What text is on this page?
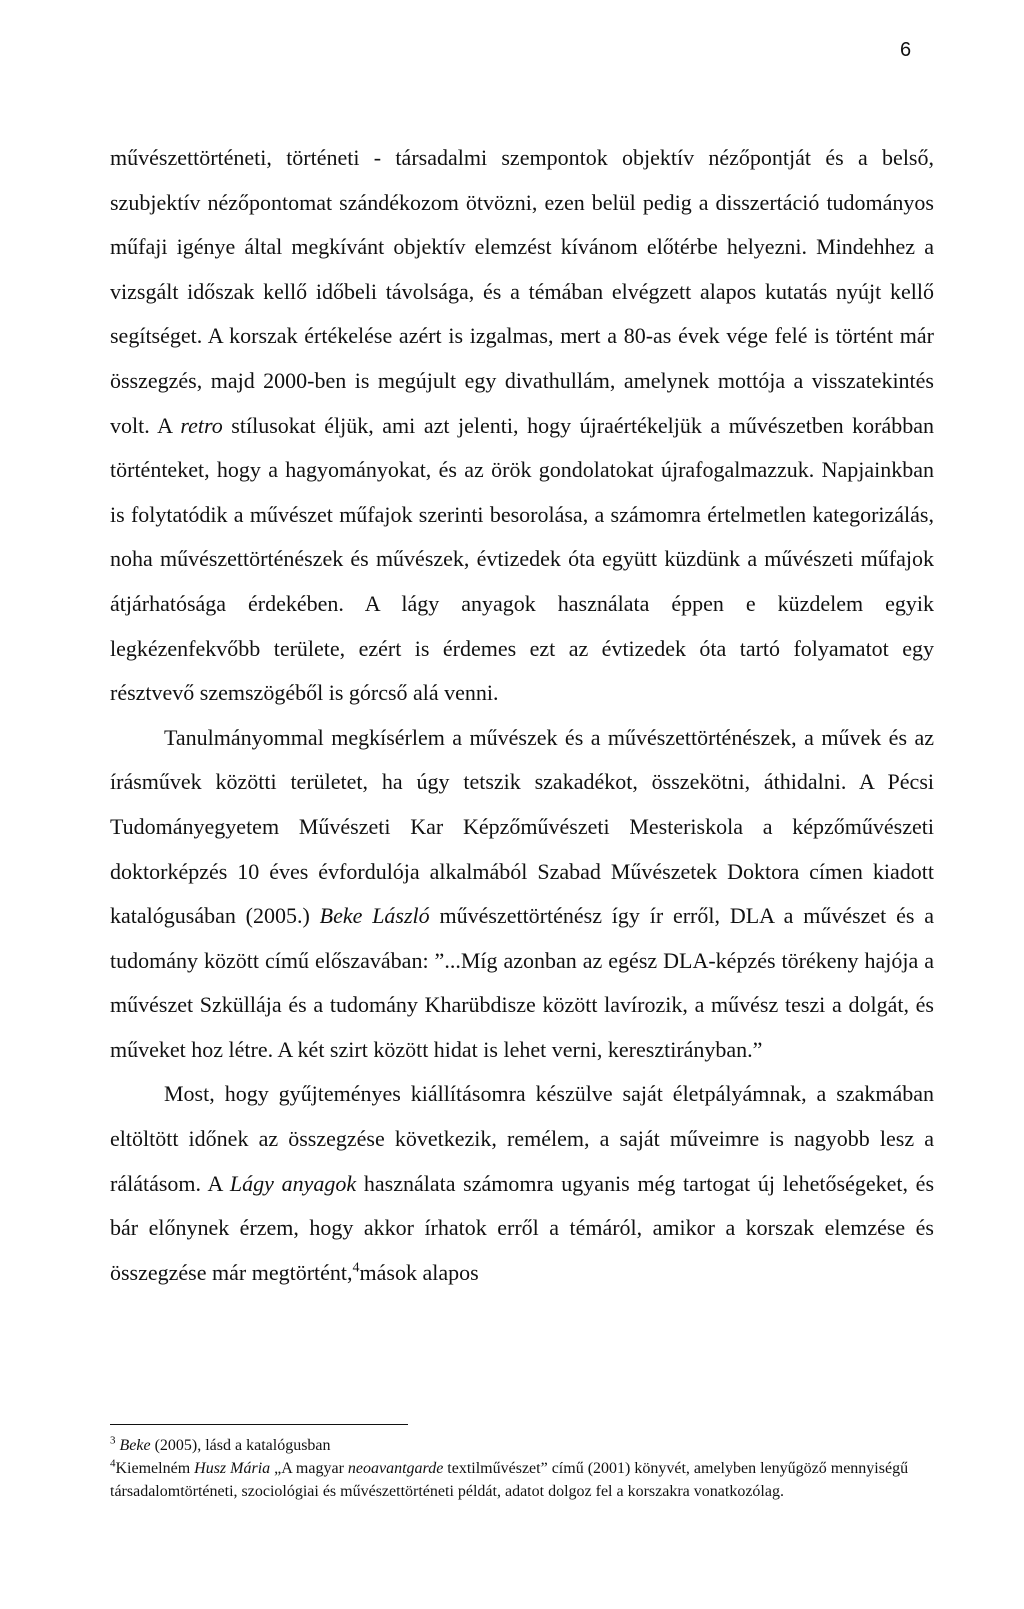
6

művészettörténeti, történeti - társadalmi szempontok objektív nézőpontját és a belső, szubjektív nézőpontomat szándékozom ötvözni, ezen belül pedig a disszertáció tudományos műfaji igénye által megkívánt objektív elemzést kívánom előtérbe helyezni. Mindehhez a vizsgált időszak kellő időbeli távolsága, és a témában elvégzett alapos kutatás nyújt kellő segítséget. A korszak értékelése azért is izgalmas, mert a 80-as évek vége felé is történt már összegzés, majd 2000-ben is megújult egy divathullám, amelynek mottója a visszatekintés volt. A retro stílusokat éljük, ami azt jelenti, hogy újraértékeljük a művészetben korábban történteket, hogy a hagyományokat, és az örök gondolatokat újrafogalmazzuk. Napjainkban is folytatódik a művészet műfajok szerinti besorolása, a számomra értelmetlen kategorizálás, noha művészettörténészek és művészek, évtizedek óta együtt küzdünk a művészeti műfajok átjárhatósága érdekében. A lágy anyagok használata éppen e küzdelem egyik legkézenfekvőbb területe, ezért is érdemes ezt az évtizedek óta tartó folyamatot egy résztvevő szemszögéből is górcső alá venni.

Tanulmányommal megkísérlem a művészek és a művészettörténészek, a művek és az írásművek közötti területet, ha úgy tetszik szakadékot, összekötni, áthidalni. A Pécsi Tudományegyetem Művészeti Kar Képzőművészeti Mesteriskola a képzőművészeti doktorképzés 10 éves évfordulója alkalmából Szabad Művészetek Doktora címen kiadott katalógusában (2005.) Beke László művészettörténész így ír erről, DLA a művészet és a tudomány között című előszavában: ”...Míg azonban az egész DLA-képzés törékeny hajója a művészet Szküllája és a tudomány Kharübdisze között lavírozik, a művész teszi a dolgát, és műveket hoz létre. A két szirt között hidat is lehet verni, keresztirányban.”

Most, hogy gyűjteményes kiállításomra készülve saját életpályámnak, a szakmában eltöltött időnek az összegzése következik, remélem, a saját műveimre is nagyobb lesz a rálátásom. A Lágy anyagok használata számomra ugyanis még tartogat új lehetőségeket, és bár előnynek érzem, hogy akkor írhatok erről a témáról, amikor a korszak elemzése és összegzése már megtörtént,$^4$mások alapos

$^3$ Beke (2005), lásd a katalógusban

$^4$Kiemelném Husz Mária „A magyar neoavantgarde textilművészet” című (2001) könyvét, amelyben lenyűgöző mennyiségű társadalomtörténeti, szociológiai és művészettörténeti példát, adatot dolgoz fel a korszakra vonatkozólag.
